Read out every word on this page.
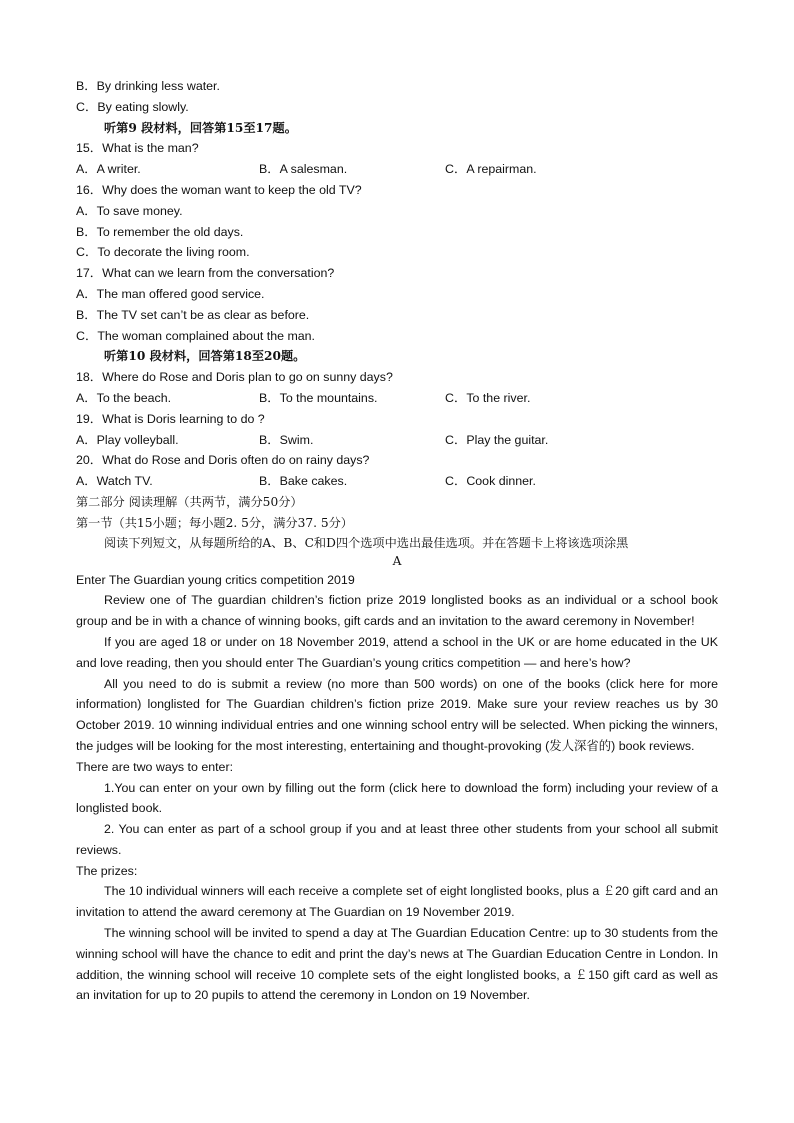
B．By drinking less water.
C．By eating slowly.
听第9 段材料，回答第15至17题。
15．What is the man?
A．A writer.	B．A salesman.	C．A repairman.
16．Why does the woman want to keep the old TV?
A．To save money.
B．To remember the old days.
C．To decorate the living room.
17．What can we learn from the conversation?
A．The man offered good service.
B．The TV set can’t be as clear as before.
C．The woman complained about the man.
听第10 段材料，回答第18至20题。
18．Where do Rose and Doris plan to go on sunny days?
A．To the beach.	B．To the mountains.	C．To the river.
19．What is Doris learning to do ?
A．Play volleyball.	B．Swim.	C．Play the guitar.
20．What do Rose and Doris often do on rainy days?
A．Watch TV.	B．Bake cakes.	C．Cook dinner.
第二部分 阅读理解（共两节，满分50分）
第一节（共15小题；每小题2. 5分，满分37. 5分）
阅读下列短文，从每题所给的A、B、C和D四个选项中选出最佳选项。并在答题卡上将该选项涂黑
A
Enter The Guardian young critics competition 2019
Review one of The guardian children’s fiction prize 2019 longlisted books as an individual or a school book group and be in with a chance of winning books, gift cards and an invitation to the award ceremony in November!
If you are aged 18 or under on 18 November 2019, attend a school in the UK or are home educated in the UK and love reading, then you should enter The Guardian’s young critics competition — and here’s how?
All you need to do is submit a review (no more than 500 words) on one of the books (click here for more information) longlisted for The Guardian children’s fiction prize 2019. Make sure your review reaches us by 30 October 2019. 10 winning individual entries and one winning school entry will be selected. When picking the winners, the judges will be looking for the most interesting, entertaining and thought-provoking (发人深省的) book reviews.
There are two ways to enter:
1.You can enter on your own by filling out the form (click here to download the form) including your review of a longlisted book.
2. You can enter as part of a school group if you and at least three other students from your school all submit reviews.
The prizes:
The 10 individual winners will each receive a complete set of eight longlisted books, plus a ￡20 gift card and an invitation to attend the award ceremony at The Guardian on 19 November 2019.
The winning school will be invited to spend a day at The Guardian Education Centre: up to 30 students from the winning school will have the chance to edit and print the day’s news at The Guardian Education Centre in London. In addition, the winning school will receive 10 complete sets of the eight longlisted books, a ￡150 gift card as well as an invitation for up to 20 pupils to attend the ceremony in London on 19 November.
